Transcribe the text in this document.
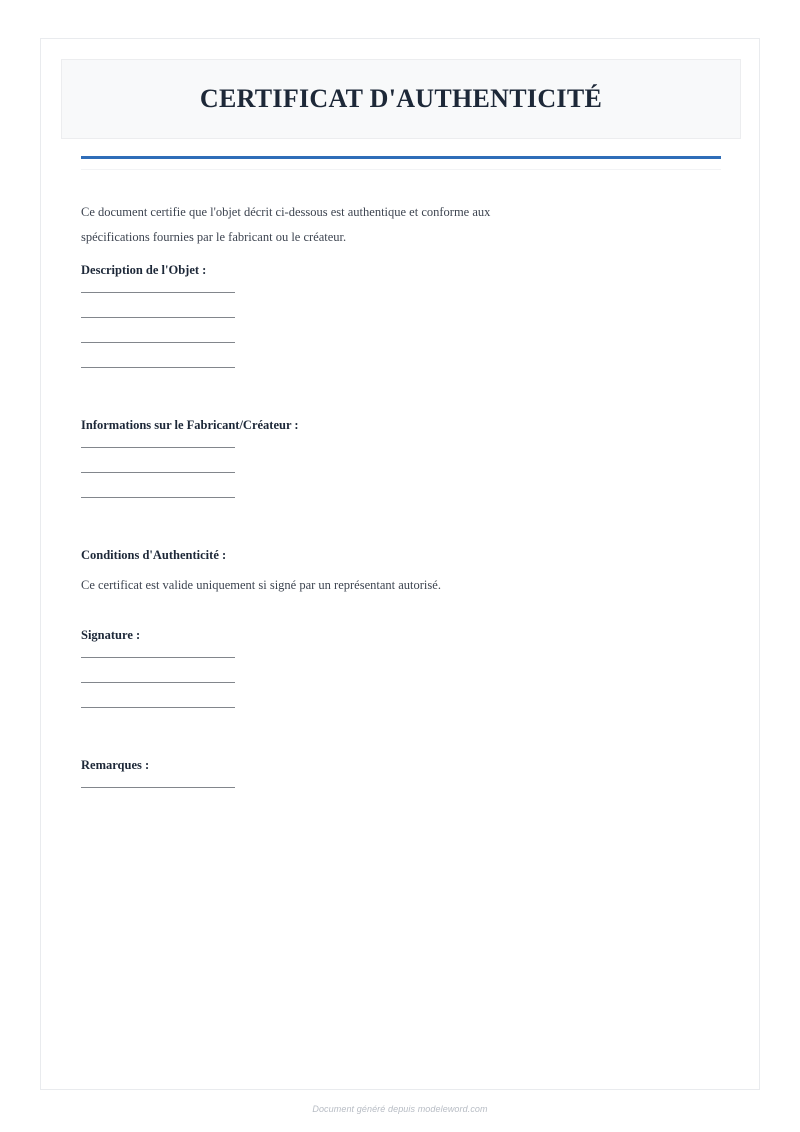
CERTIFICAT D'AUTHENTICITÉ

Ce document certifie que l'objet décrit ci-dessous est authentique et conforme aux spécifications fournies par le fabricant ou le créateur.

Description de l'Objet :
Informations sur le Fabricant/Créateur :
Conditions d'Authenticité :
Ce certificat est valide uniquement si signé par un représentant autorisé.
Signature :
Remarques :
Document généré depuis modeleword.com
